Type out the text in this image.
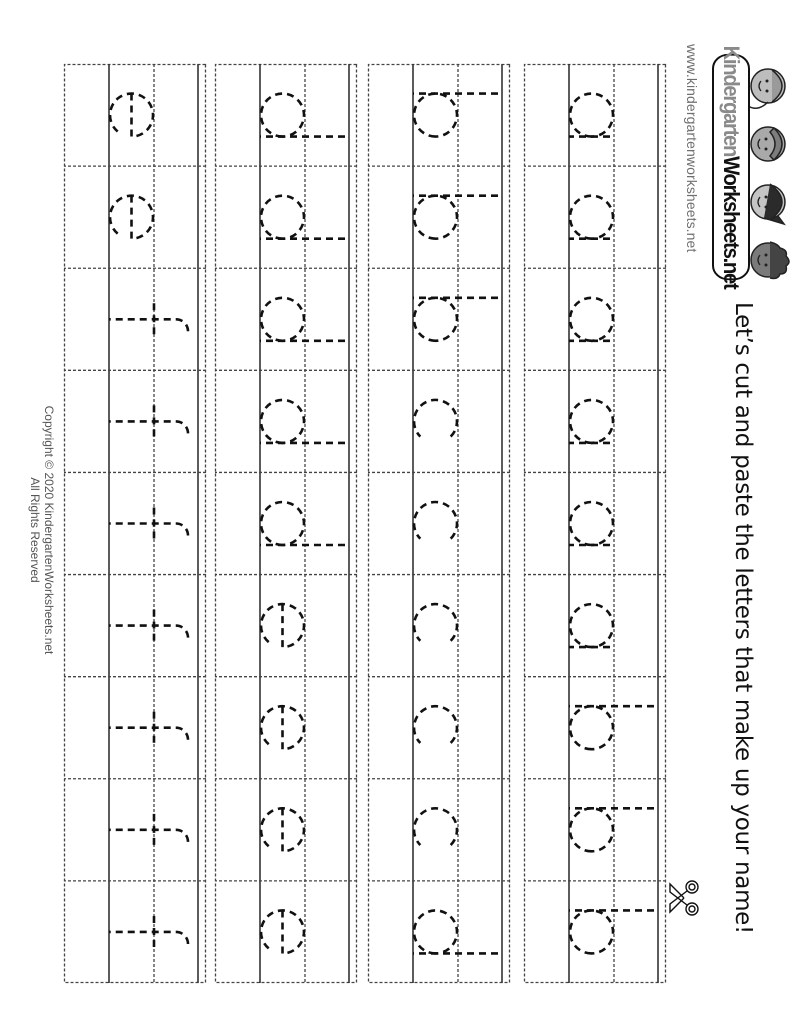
Kindergarten
Worksheets.net
www.kindergartenworksheets.net
Let’s cut and paste the letters that make up your name!
Copyright © 2020 KindergartenWorksheets.net
All Rights Reserved
